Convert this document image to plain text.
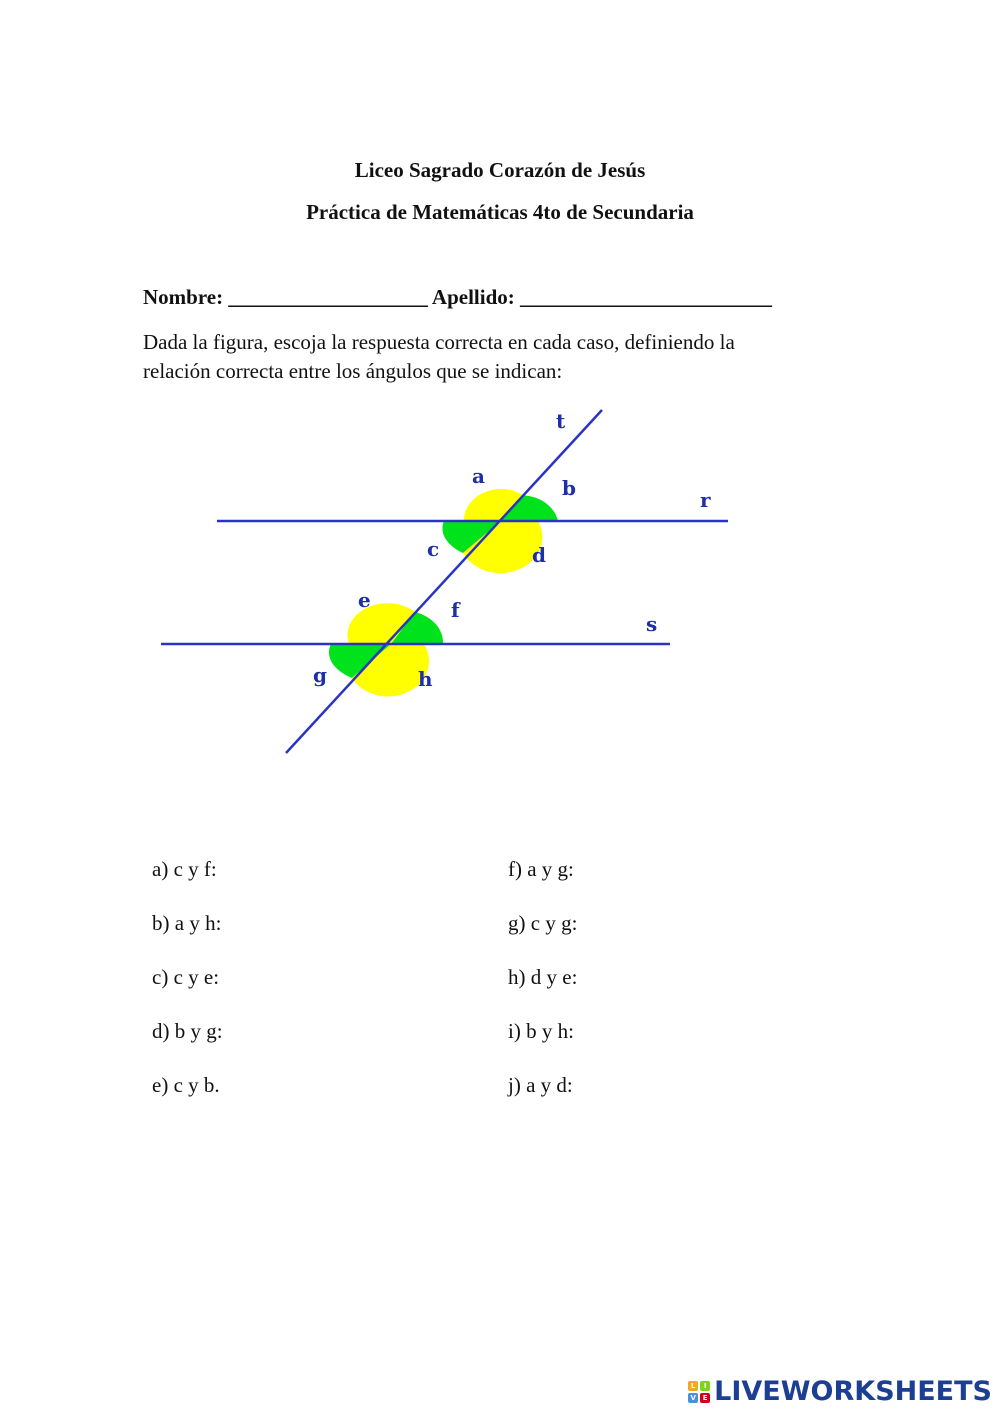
Liceo Sagrado Corazón de Jesús
Práctica de Matemáticas 4to de Secundaria
Nombre: ___________________ Apellido: ________________________
Dada la figura, escoja la respuesta correcta en cada caso, definiendo la
relación correcta entre los ángulos que se indican:
t
r
s
a	b
c	d
e	f
g	h
a) c y f:
b) a y h:
c) c y e:
d) b y g:
e) c y b.
f) a y g:
g) c y g:
h) d y e:
i) b y h:
j) a y d:
L	I
V E LIVEWORKSHEETS
